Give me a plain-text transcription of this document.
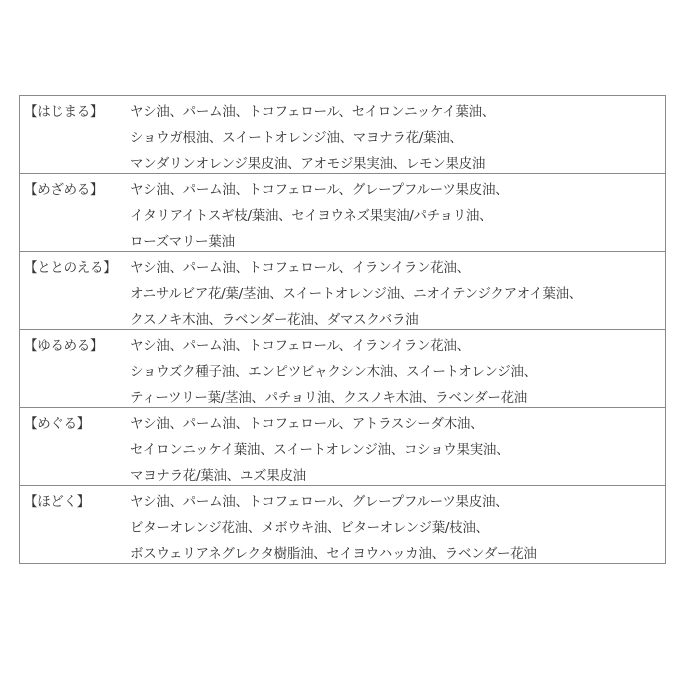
【はじまる】	ヤシ油、パーム油、トコフェロール、セイロンニッケイ葉油、
ショウガ根油、スイートオレンジ油、マヨナラ花/葉油、
マンダリンオレンジ果皮油、アオモジ果実油、レモン果皮油

【めざめる】	ヤシ油、パーム油、トコフェロール、グレープフルーツ果皮油、
イタリアイトスギ枝/葉油、セイヨウネズ果実油/パチョリ油、
ローズマリー葉油

【ととのえる】	ヤシ油、パーム油、トコフェロール、イランイラン花油、
オニサルビア花/葉/茎油、スイートオレンジ油、ニオイテンジクアオイ葉油、
クスノキ木油、ラベンダー花油、ダマスクバラ油

【ゆるめる】	ヤシ油、パーム油、トコフェロール、イランイラン花油、
ショウズク種子油、エンピツビャクシン木油、スイートオレンジ油、
ティーツリー葉/茎油、パチョリ油、クスノキ木油、ラベンダー花油

【めぐる】	ヤシ油、パーム油、トコフェロール、アトラスシーダ木油、
セイロンニッケイ葉油、スイートオレンジ油、コショウ果実油、
マヨナラ花/葉油、ユズ果皮油

【ほどく】	ヤシ油、パーム油、トコフェロール、グレープフルーツ果皮油、
ビターオレンジ花油、メボウキ油、ビターオレンジ葉/枝油、
ボスウェリアネグレクタ樹脂油、セイヨウハッカ油、ラベンダー花油
